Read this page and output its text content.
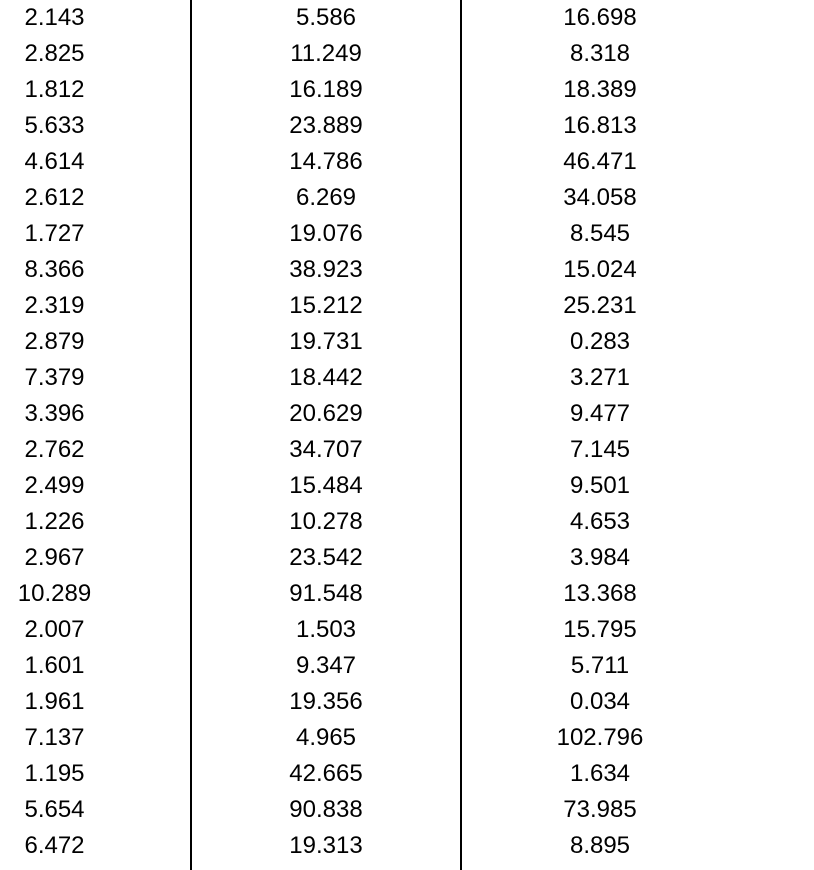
2.143
2.825
1.812
5.633
4.614
2.612
1.727
8.366
2.319
2.879
7.379
3.396
2.762
2.499
1.226
2.967
10.289
2.007
1.601
1.961
7.137
1.195
5.654
6.472
5.586
11.249
16.189
23.889
14.786
6.269
19.076
38.923
15.212
19.731
18.442
20.629
34.707
15.484
10.278
23.542
91.548
1.503
9.347
19.356
4.965
42.665
90.838
19.313
16.698
8.318
18.389
16.813
46.471
34.058
8.545
15.024
25.231
0.283
3.271
9.477
7.145
9.501
4.653
3.984
13.368
15.795
5.711
0.034
102.796
1.634
73.985
8.895
